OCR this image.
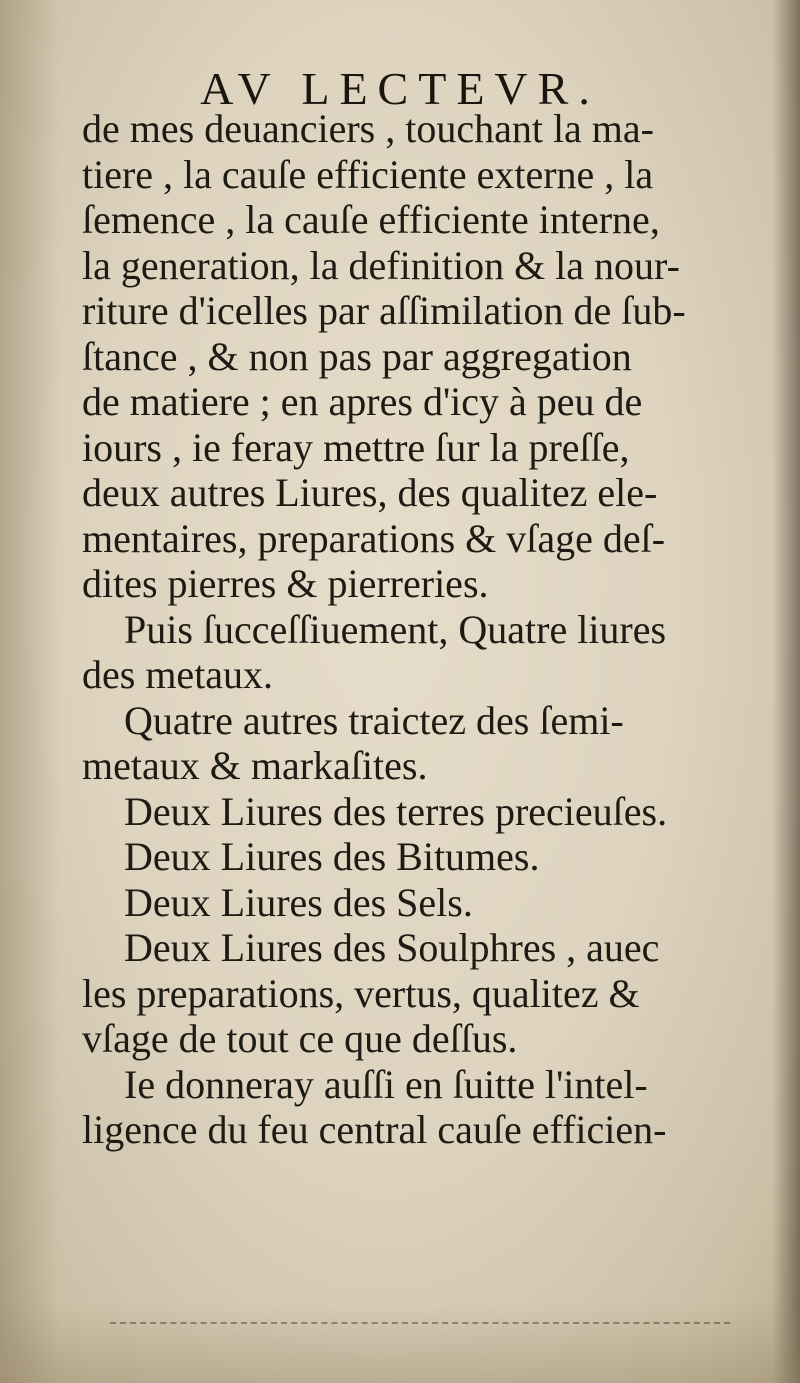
AV LECTEVR.
de mes deuanciers , touchant la ma-
tiere , la cauſe efficiente externe , la
ſemence , la cauſe efficiente interne,
la generation, la definition & la nour-
riture d'icelles par aſſimilation de ſub-
ſtance , & non pas par aggregation
de matiere ; en apres d'icy à peu de
iours , ie feray mettre ſur la preſſe,
deux autres Liures, des qualitez ele-
mentaires, preparations & vſage deſ-
dites pierres & pierreries.
Puis ſucceſſiuement, Quatre liures
des metaux.
Quatre autres traictez des ſemi-
metaux & markaſites.
Deux Liures des terres precieuſes.
Deux Liures des Bitumes.
Deux Liures des Sels.
Deux Liures des Soulphres , auec
les preparations, vertus, qualitez &
vſage de tout ce que deſſus.
Ie donneray auſſi en ſuitte l'intel-
ligence du feu central cauſe efficien-
